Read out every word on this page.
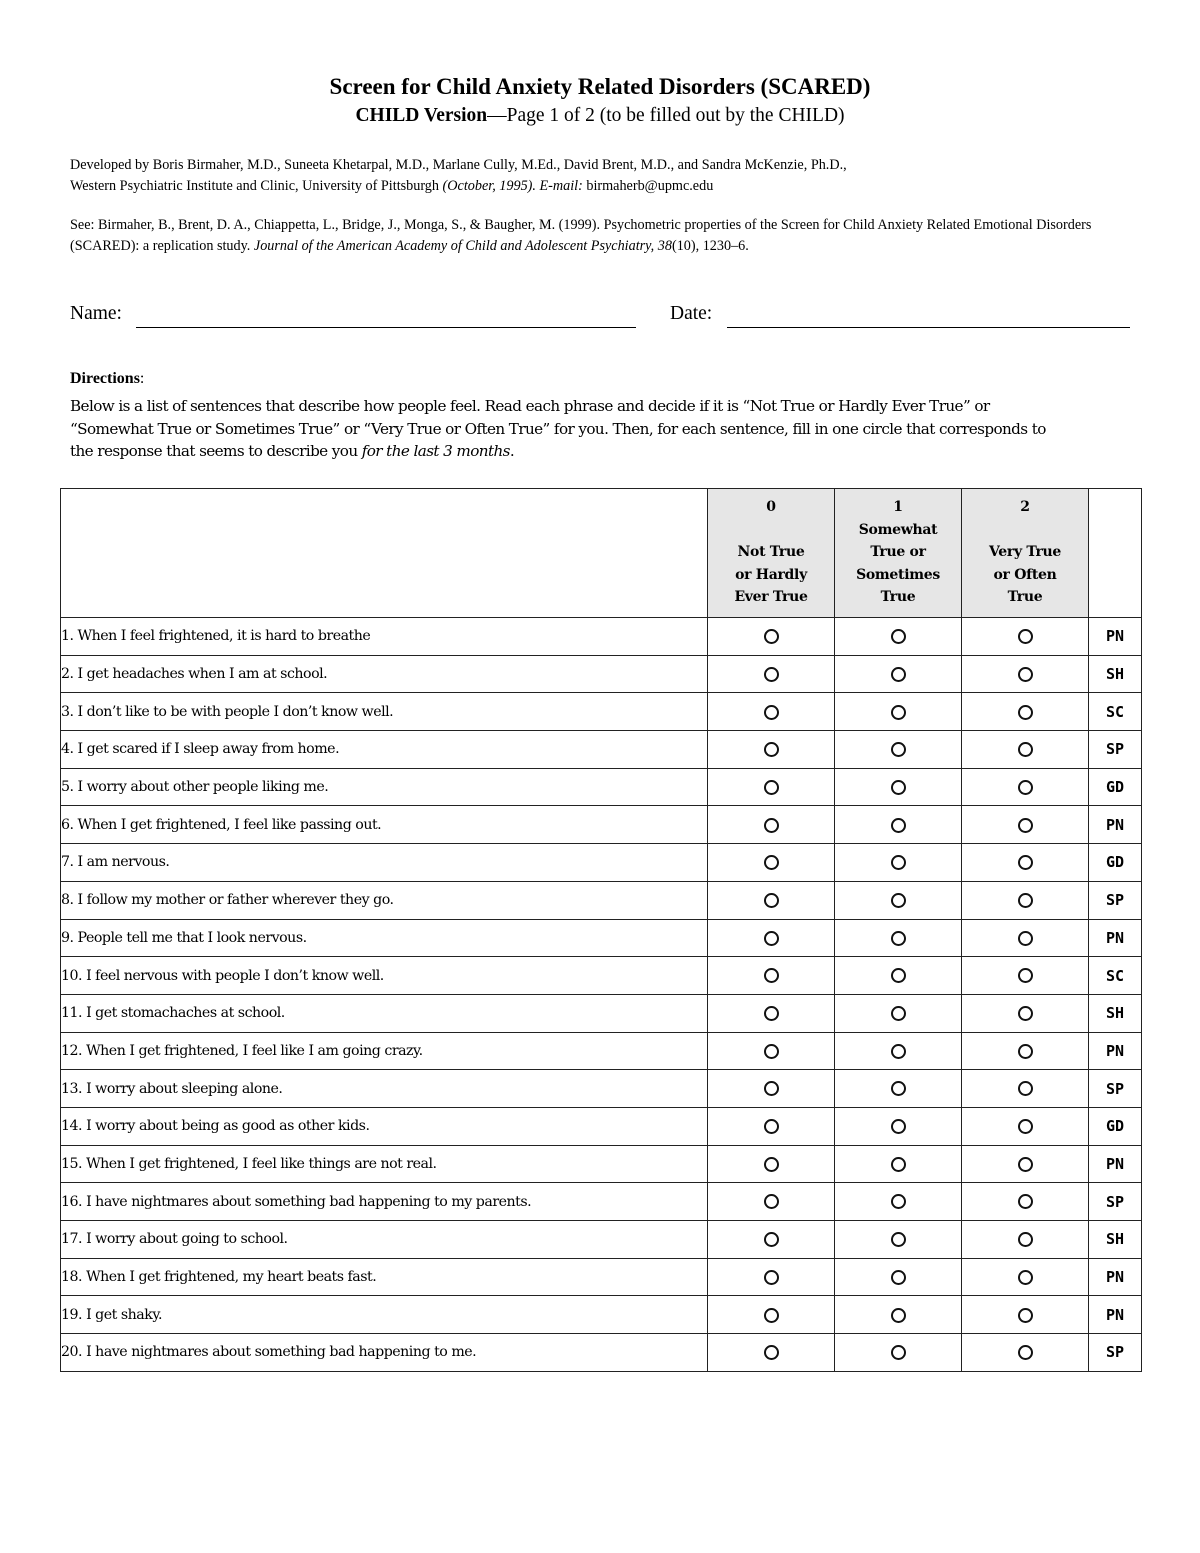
Screen for Child Anxiety Related Disorders (SCARED)
CHILD Version—Page 1 of 2 (to be filled out by the CHILD)
Developed by Boris Birmaher, M.D., Suneeta Khetarpal, M.D., Marlane Cully, M.Ed., David Brent, M.D., and Sandra McKenzie, Ph.D.,
Western Psychiatric Institute and Clinic, University of Pittsburgh (October, 1995). E-mail: birmaherb@upmc.edu
See: Birmaher, B., Brent, D. A., Chiappetta, L., Bridge, J., Monga, S., & Baugher, M. (1999). Psychometric properties of the Screen for Child Anxiety Related Emotional Disorders (SCARED): a replication study. Journal of the American Academy of Child and Adolescent Psychiatry, 38(10), 1230–6.
Name:	Date:
Directions:
Below is a list of sentences that describe how people feel. Read each phrase and decide if it is “Not True or Hardly Ever True” or “Somewhat True or Sometimes True” or “Very True or Often True” for you. Then, for each sentence, fill in one circle that corresponds to the response that seems to describe you for the last 3 months.

	0

Not True
or Hardly
Ever True	1
Somewhat
True or
Sometimes
True	2

Very True
or Often
True	

1. When I feel frightened, it is hard to breathe				PN
2. I get headaches when I am at school.				SH
3. I don’t like to be with people I don’t know well.				SC
4. I get scared if I sleep away from home.				SP
5. I worry about other people liking me.				GD
6. When I get frightened, I feel like passing out.				PN
7. I am nervous.				GD
8. I follow my mother or father wherever they go.				SP
9. People tell me that I look nervous.				PN
10. I feel nervous with people I don’t know well.				SC
11. I get stomachaches at school.				SH
12. When I get frightened, I feel like I am going crazy.				PN
13. I worry about sleeping alone.				SP
14. I worry about being as good as other kids.				GD
15. When I get frightened, I feel like things are not real.				PN
16. I have nightmares about something bad happening to my parents.				SP
17. I worry about going to school.				SH
18. When I get frightened, my heart beats fast.				PN
19. I get shaky.				PN
20. I have nightmares about something bad happening to me.				SP
